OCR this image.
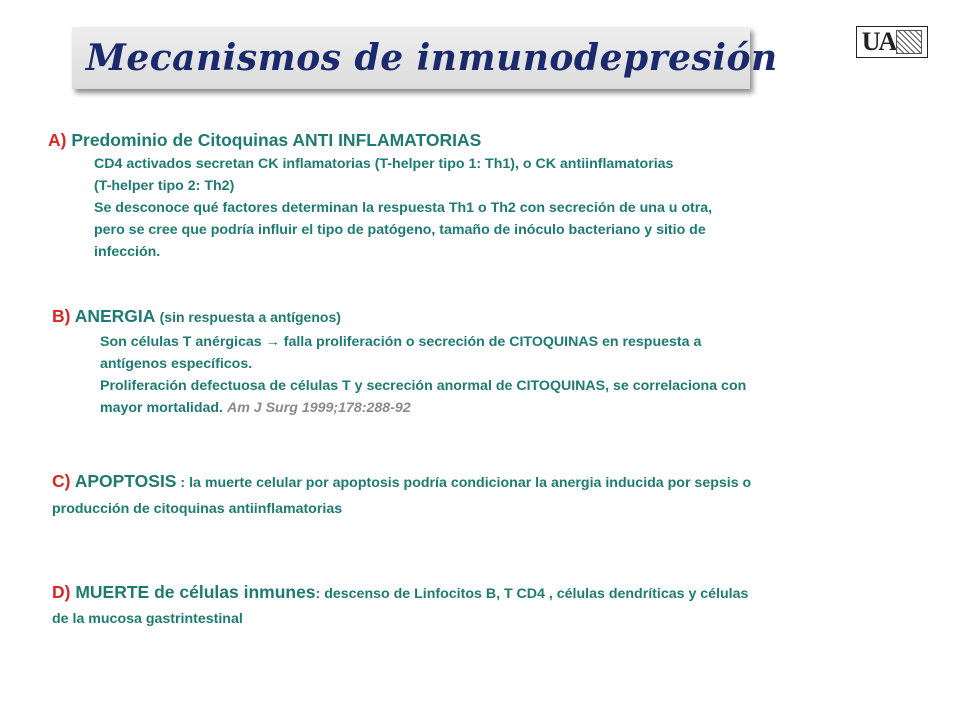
Mecanismos de inmunodepresión	UA
A) Predominio de Citoquinas ANTI INFLAMATORIAS
CD4 activados secretan CK inflamatorias (T-helper tipo 1: Th1), o CK antiinflamatorias
(T-helper tipo 2: Th2)
Se desconoce qué factores determinan la respuesta Th1 o Th2 con secreción de una u otra,
pero se cree que podría influir el tipo de patógeno, tamaño de inóculo bacteriano y sitio de
infección.
B) ANERGIA (sin respuesta a antígenos)
Son células T anérgicas → falla proliferación o secreción de CITOQUINAS en respuesta a
antígenos específicos.
Proliferación defectuosa de células T y secreción anormal de CITOQUINAS, se correlaciona con
mayor mortalidad. Am J Surg 1999;178:288-92
C) APOPTOSIS : la muerte celular por apoptosis podría condicionar la anergia inducida por sepsis o
producción de citoquinas antiinflamatorias
D) MUERTE de células inmunes: descenso de Linfocitos B, T CD4 , células dendríticas y células
de la mucosa gastrintestinal
